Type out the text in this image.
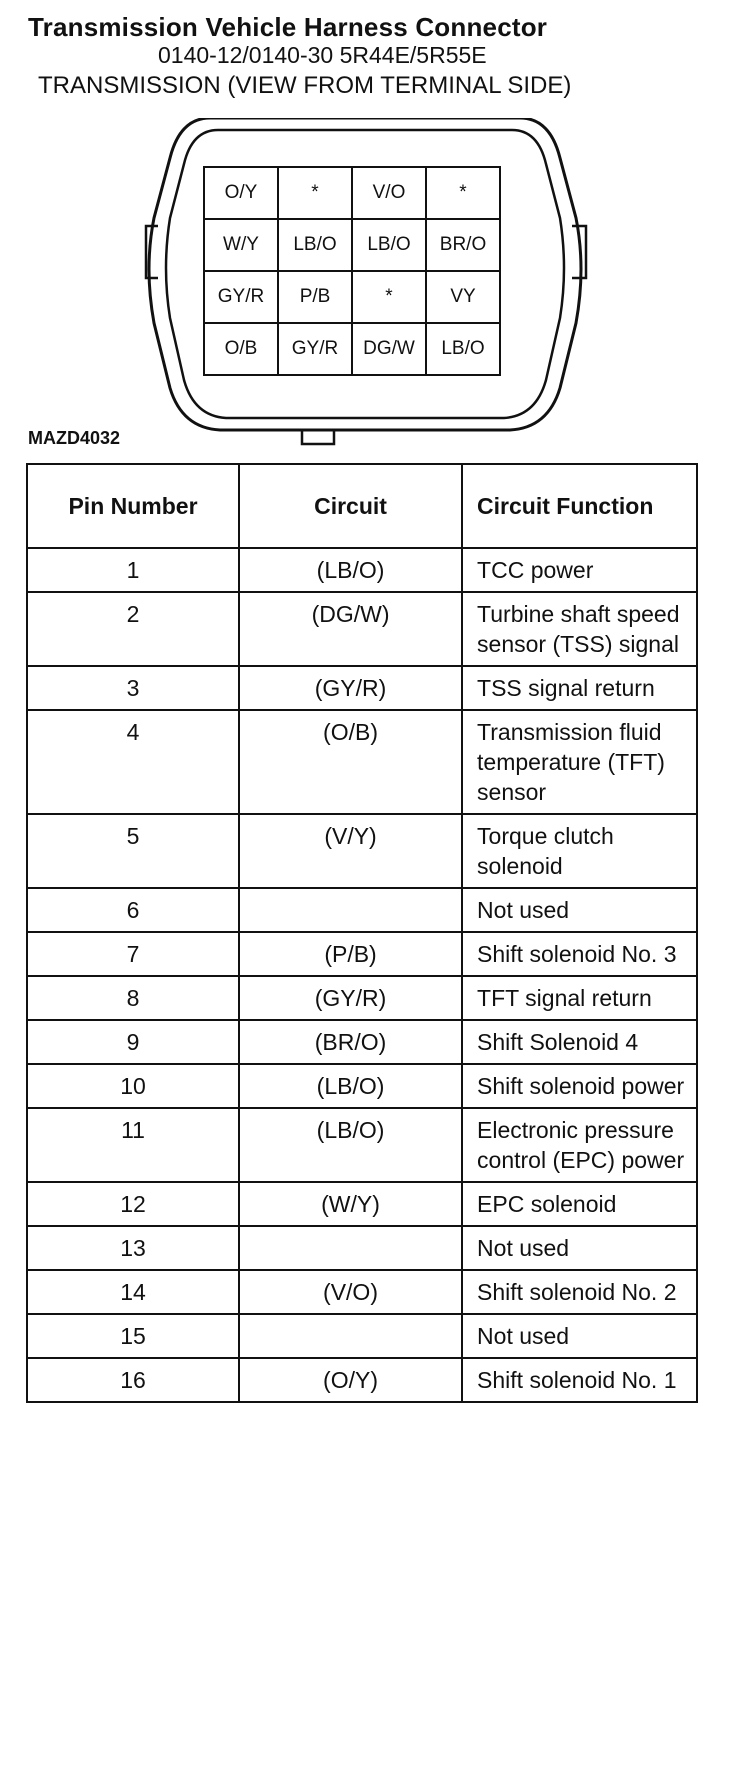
Transmission Vehicle Harness Connector
0140-12/0140-30 5R44E/5R55E
TRANSMISSION (VIEW FROM TERMINAL SIDE)
O/Y	*	V/O	*
W/Y	LB/O	LB/O	BR/O
GY/R	P/B	*	VY
O/B	GY/R	DG/W	LB/O
MAZD4032
Pin Number	Circuit	Circuit Function
1	(LB/O)	TCC power
2	(DG/W)	Turbine shaft speed sensor (TSS) signal
3	(GY/R)	TSS signal return
4	(O/B)	Transmission fluid temperature (TFT) sensor
5	(V/Y)	Torque clutch solenoid
6		Not used
7	(P/B)	Shift solenoid No. 3
8	(GY/R)	TFT signal return
9	(BR/O)	Shift Solenoid 4
10	(LB/O)	Shift solenoid power
11	(LB/O)	Electronic pressure control (EPC) power
12	(W/Y)	EPC solenoid
13		Not used
14	(V/O)	Shift solenoid No. 2
15		Not used
16	(O/Y)	Shift solenoid No. 1
